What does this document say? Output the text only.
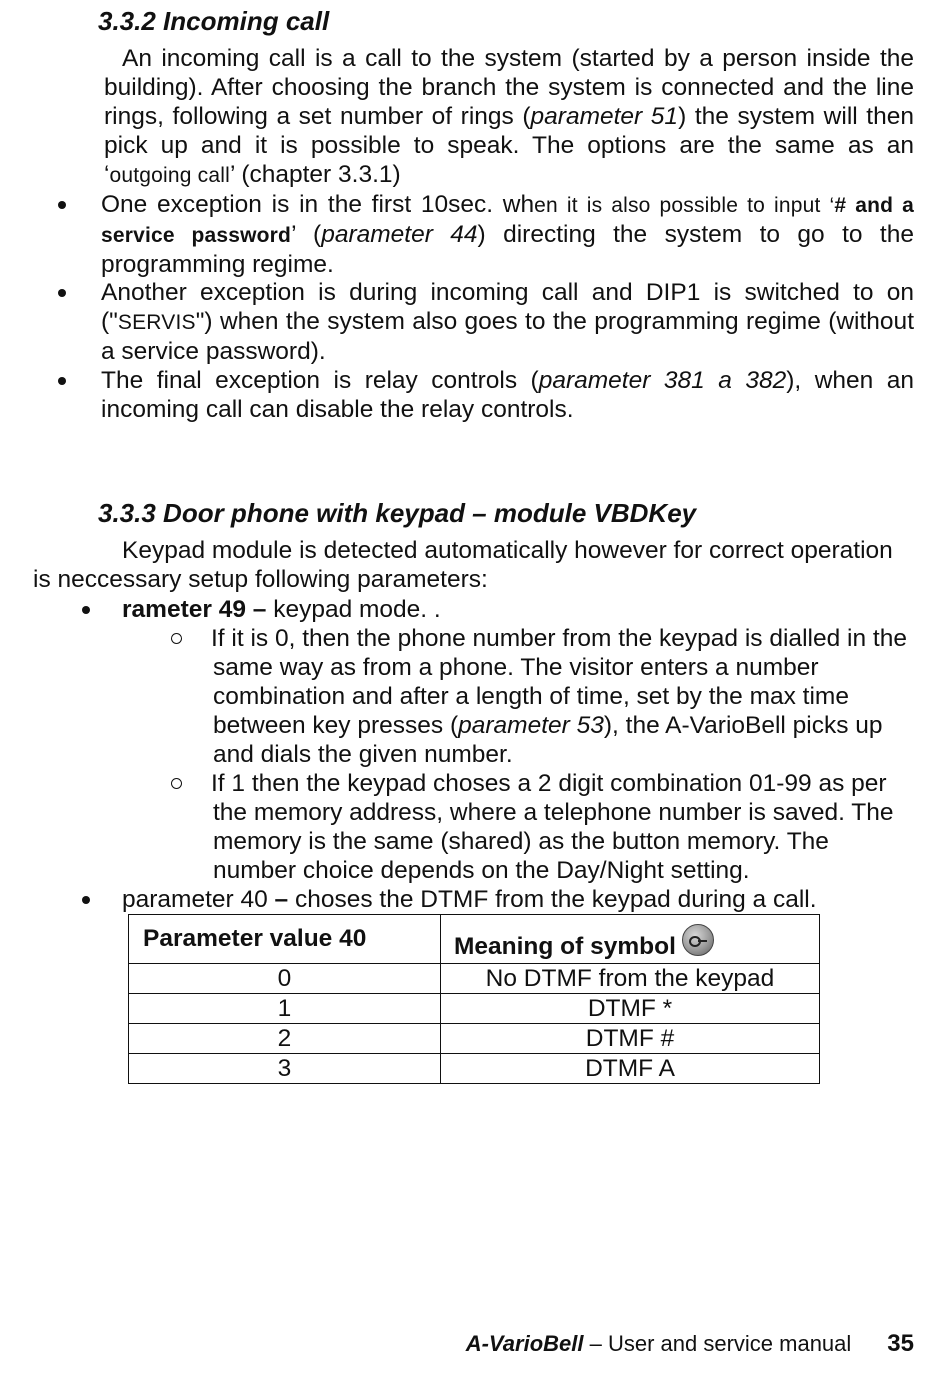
3.3.2 Incoming call
An incoming call is a call to the system (started by a person inside the building). After choosing the branch the system is connected and the line rings, following a set number of rings (parameter 51) the system will then pick up and it is possible to speak. The options are the same as an ‘outgoing call’ (chapter 3.3.1)
One exception is in the first 10sec. when it is also possible to input ‘# and a service password’ (parameter 44) directing the system to go to the programming regime.
Another exception is during incoming call and DIP1 is switched to on ("SERVIS") when the system also goes to the programming regime (without a service password).
The final exception is relay controls (parameter 381 a 382), when an incoming call can disable the relay controls.
3.3.3 Door phone with keypad – module VBDKey
Keypad module is detected automatically however for correct operation
is neccessary setup following parameters:
rameter 49 – keypad mode. .
If it is 0, then the phone number from the keypad is dialled in the same way as from a phone. The visitor enters a number combination and after a length of time, set by the max time between key presses (parameter 53), the A-VarioBell picks up and dials the given number.
If 1 then the keypad choses a 2 digit combination 01-99 as per the memory address, where a telephone number is saved. The memory is the same (shared) as the button memory. The number choice depends on the Day/Night setting.
parameter 40 – choses the DTMF from the keypad during a call.
Parameter value 40	Meaning of symbol
0	No DTMF from the keypad
1	DTMF *
2	DTMF #
3	DTMF A
A-VarioBell – User and service manual 35
